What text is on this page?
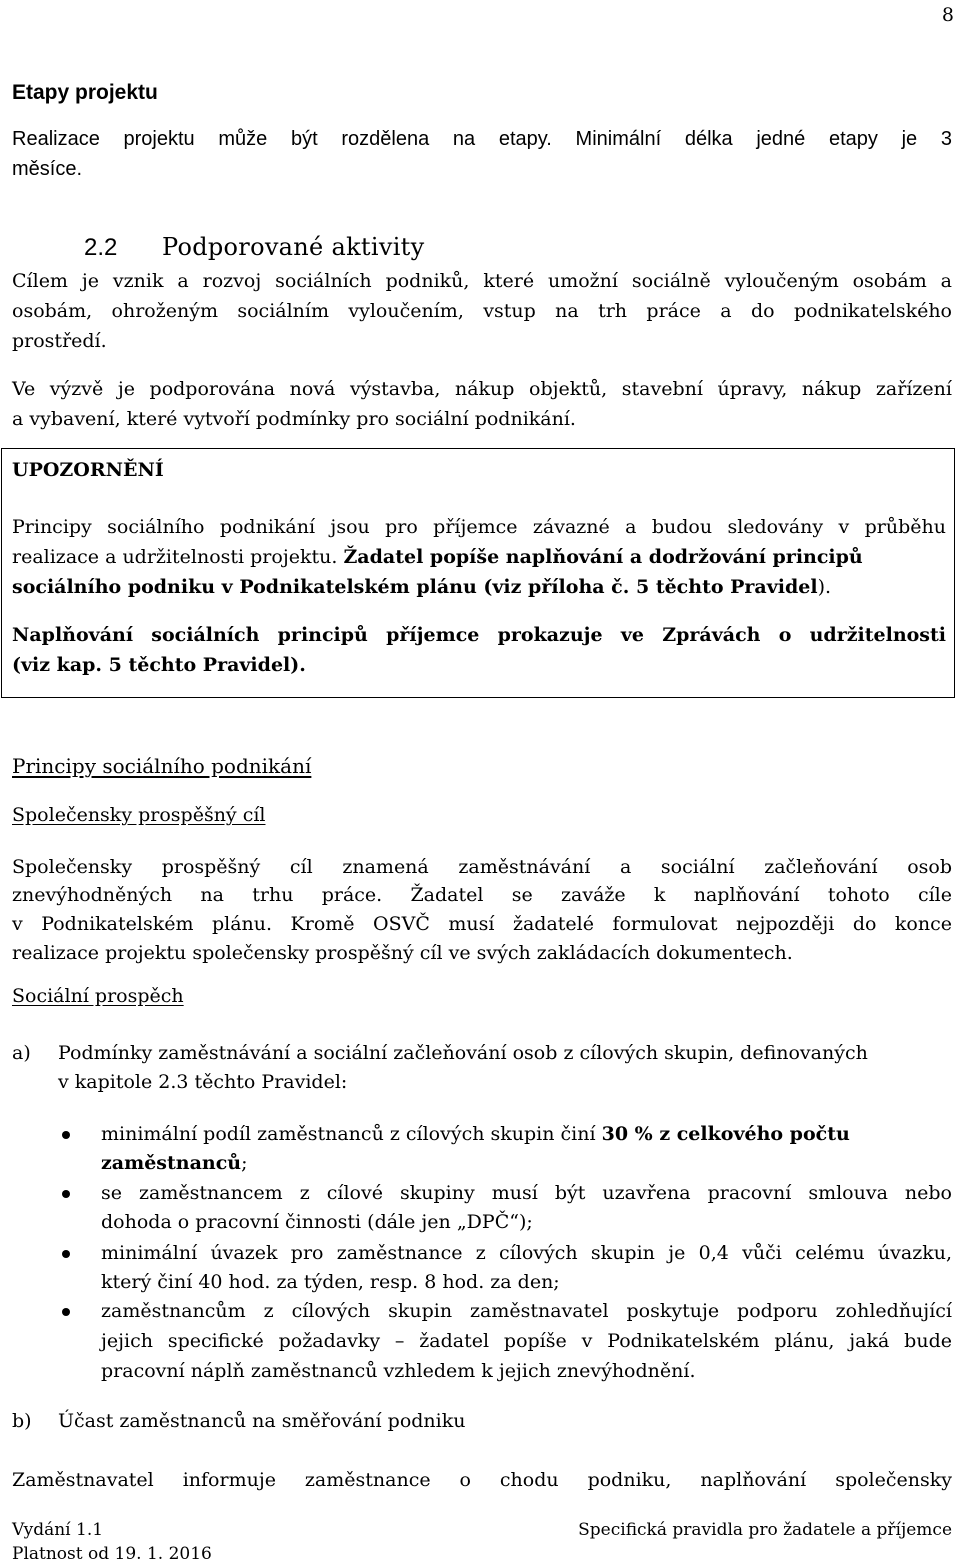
8
Etapy projektu
Realizace projektu může být rozdělena na etapy. Minimální délka jedné etapy je 3
měsíce.
2.2 Podporované aktivity
Cílem je vznik a rozvoj sociálních podniků, které umožní sociálně vyloučeným osobám a
osobám, ohroženým sociálním vyloučením, vstup na trh práce a do podnikatelského
prostředí.
Ve výzvě je podporována nová výstavba, nákup objektů, stavební úpravy, nákup zařízení
a vybavení, které vytvoří podmínky pro sociální podnikání.
UPOZORNĚNÍ
Principy sociálního podnikání jsou pro příjemce závazné a budou sledovány v průběhu
realizace a udržitelnosti projektu. Žadatel popíše naplňování a dodržování principů
sociálního podniku v Podnikatelském plánu (viz příloha č. 5 těchto Pravidel).
Naplňování sociálních principů příjemce prokazuje ve Zprávách o udržitelnosti
(viz kap. 5 těchto Pravidel).
Principy sociálního podnikání
Společensky prospěšný cíl
Společensky prospěšný cíl znamená zaměstnávání a sociální začleňování osob
znevýhodněných na trhu práce. Žadatel se zaváže k naplňování tohoto cíle
v Podnikatelském plánu. Kromě OSVČ musí žadatelé formulovat nejpozději do konce
realizace projektu společensky prospěšný cíl ve svých zakládacích dokumentech.
Sociální prospěch
a) Podmínky zaměstnávání a sociální začleňování osob z cílových skupin, definovaných
v kapitole 2.3 těchto Pravidel:
minimální podíl zaměstnanců z cílových skupin činí 30 % z celkového počtu
zaměstnanců;
se zaměstnancem z cílové skupiny musí být uzavřena pracovní smlouva nebo
dohoda o pracovní činnosti (dále jen „DPČ“);
minimální úvazek pro zaměstnance z cílových skupin je 0,4 vůči celému úvazku,
který činí 40 hod. za týden, resp. 8 hod. za den;
zaměstnancům z cílových skupin zaměstnavatel poskytuje podporu zohledňující
jejich specifické požadavky – žadatel popíše v Podnikatelském plánu, jaká bude
pracovní náplň zaměstnanců vzhledem k jejich znevýhodnění.
b) Účast zaměstnanců na směřování podniku
Zaměstnavatel informuje zaměstnance o chodu podniku, naplňování společensky
Vydání 1.1
Platnost od 19. 1. 2016
Specifická pravidla pro žadatele a příjemce
